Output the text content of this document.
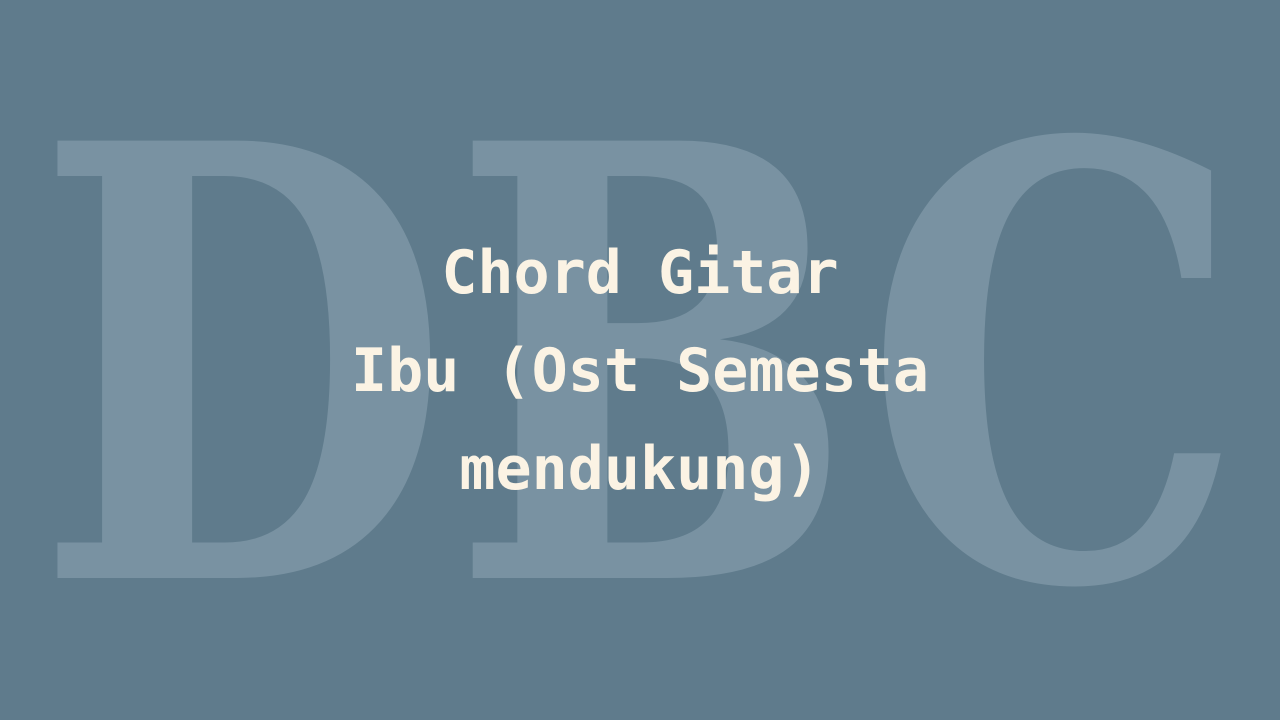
DBC
Chord Gitar
Ibu (Ost Semesta
mendukung)
